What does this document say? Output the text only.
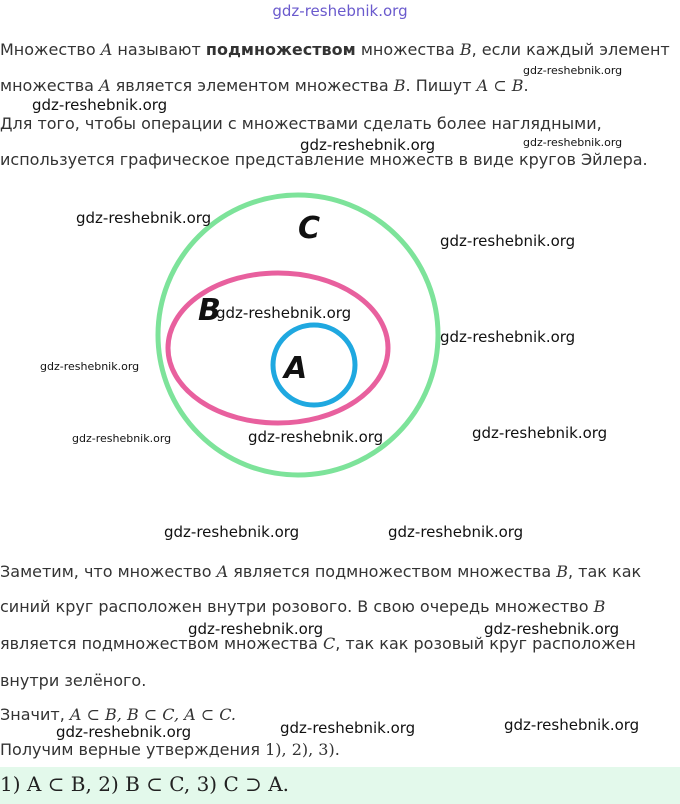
gdz-reshebnik.org
Множество A называют подмножеством множества B, если каждый элемент
множества A является элементом множества B. Пишут A ⊂ B.
Для того, чтобы операции с множествами сделать более наглядными,
используется графическое представление множеств в виде кругов Эйлера.
C
B
A
Заметим, что множество A является подмножеством множества B, так как
синий круг расположен внутри розового. В свою очередь множество B
является подмножеством множества C, так как розовый круг расположен
внутри зелёного.
Значит, A ⊂ B, B ⊂ C, A ⊂ C.
Получим верные утверждения 1), 2), 3).
1) A ⊂ B, 2) B ⊂ C, 3) C ⊃ A.
gdz-reshebnik.org
gdz-reshebnik.org
gdz-reshebnik.org	gdz-reshebnik.org
gdz-reshebnik.org
gdz-reshebnik.org
gdz-reshebnik.org
gdz-reshebnik.org
gdz-reshebnik.org
gdz-reshebnik.org	gdz-reshebnik.org	gdz-reshebnik.org
gdz-reshebnik.org	gdz-reshebnik.org
gdz-reshebnik.org	gdz-reshebnik.org
gdz-reshebnik.org	gdz-reshebnik.org
gdz-reshebnik.org
